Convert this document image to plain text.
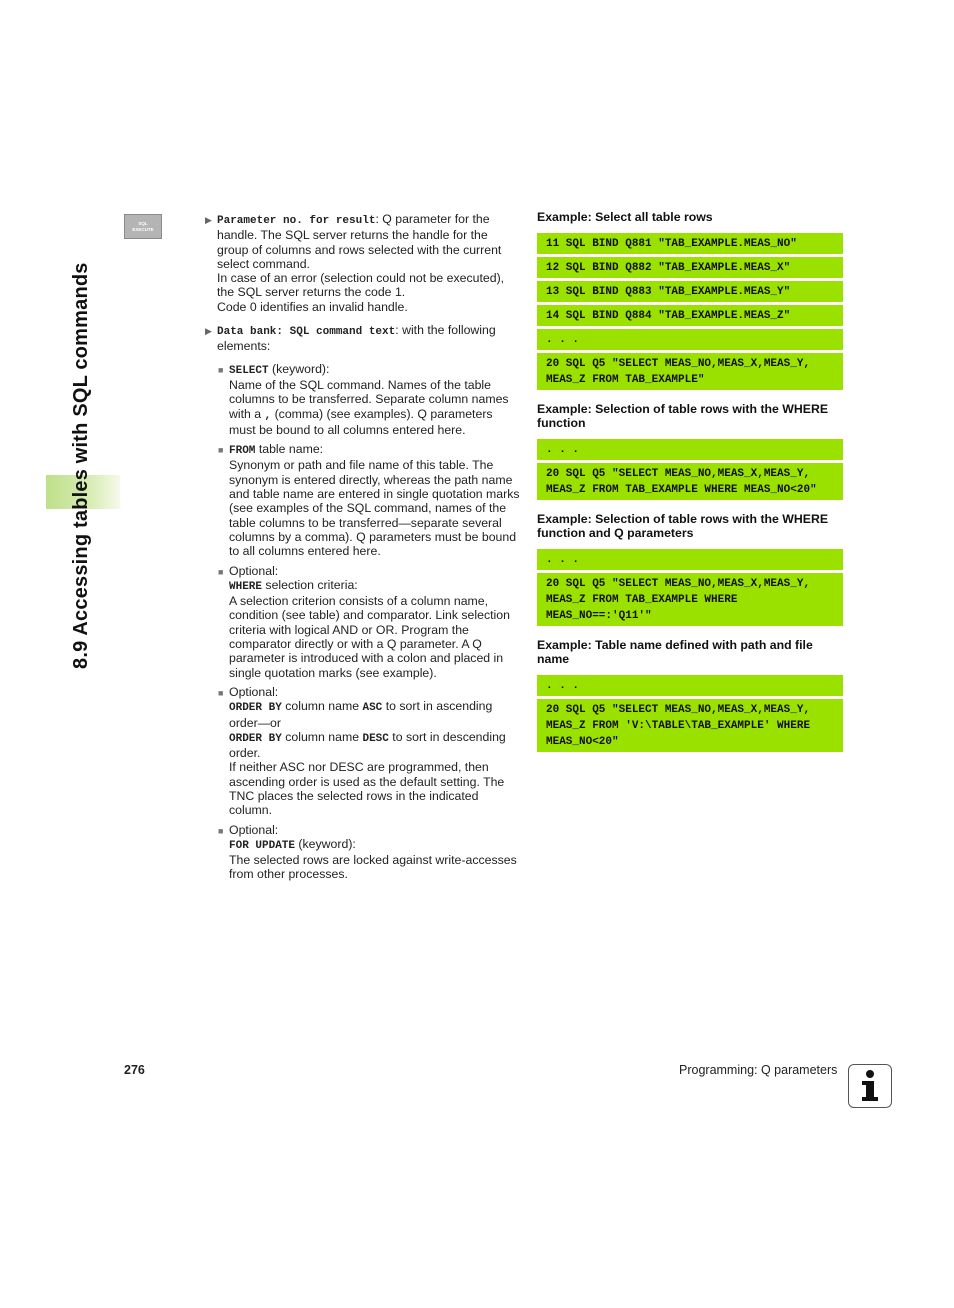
8.9 Accessing tables with SQL commands
SQL
EXECUTE
▶ Parameter no. for result: Q parameter for the handle. The SQL server returns the handle for the group of columns and rows selected with the current select command.
In case of an error (selection could not be executed), the SQL server returns the code 1.
Code 0 identifies an invalid handle.
▶ Data bank: SQL command text: with the following elements:
■ SELECT (keyword):
Name of the SQL command. Names of the table columns to be transferred. Separate column names with a , (comma) (see examples). Q parameters must be bound to all columns entered here.
■ FROM table name:
Synonym or path and file name of this table. The synonym is entered directly, whereas the path name and table name are entered in single quotation marks (see examples of the SQL command, names of the table columns to be transferred—separate several columns by a comma). Q parameters must be bound to all columns entered here.
■ Optional:
WHERE selection criteria:
A selection criterion consists of a column name, condition (see table) and comparator. Link selection criteria with logical AND or OR. Program the comparator directly or with a Q parameter. A Q parameter is introduced with a colon and placed in single quotation marks (see example).
■ Optional:
ORDER BY column name ASC to sort in ascending order—or
ORDER BY column name DESC to sort in descending order.
If neither ASC nor DESC are programmed, then ascending order is used as the default setting. The TNC places the selected rows in the indicated column.
■ Optional:
FOR UPDATE (keyword):
The selected rows are locked against write-accesses from other processes.
Example: Select all table rows
11 SQL BIND Q881 "TAB_EXAMPLE.MEAS_NO"
12 SQL BIND Q882 "TAB_EXAMPLE.MEAS_X"
13 SQL BIND Q883 "TAB_EXAMPLE.MEAS_Y"
14 SQL BIND Q884 "TAB_EXAMPLE.MEAS_Z"
. . .
20 SQL Q5 "SELECT MEAS_NO,MEAS_X,MEAS_Y,
MEAS_Z FROM TAB_EXAMPLE"
Example: Selection of table rows with the WHERE function
. . .
20 SQL Q5 "SELECT MEAS_NO,MEAS_X,MEAS_Y,
MEAS_Z FROM TAB_EXAMPLE WHERE MEAS_NO<20"
Example: Selection of table rows with the WHERE function and Q parameters
. . .
20 SQL Q5 "SELECT MEAS_NO,MEAS_X,MEAS_Y,
MEAS_Z FROM TAB_EXAMPLE WHERE
MEAS_NO==:'Q11'"
Example: Table name defined with path and file name
. . .
20 SQL Q5 "SELECT MEAS_NO,MEAS_X,MEAS_Y,
MEAS_Z FROM 'V:\TABLE\TAB_EXAMPLE' WHERE
MEAS_NO<20"
276	Programming: Q parameters
